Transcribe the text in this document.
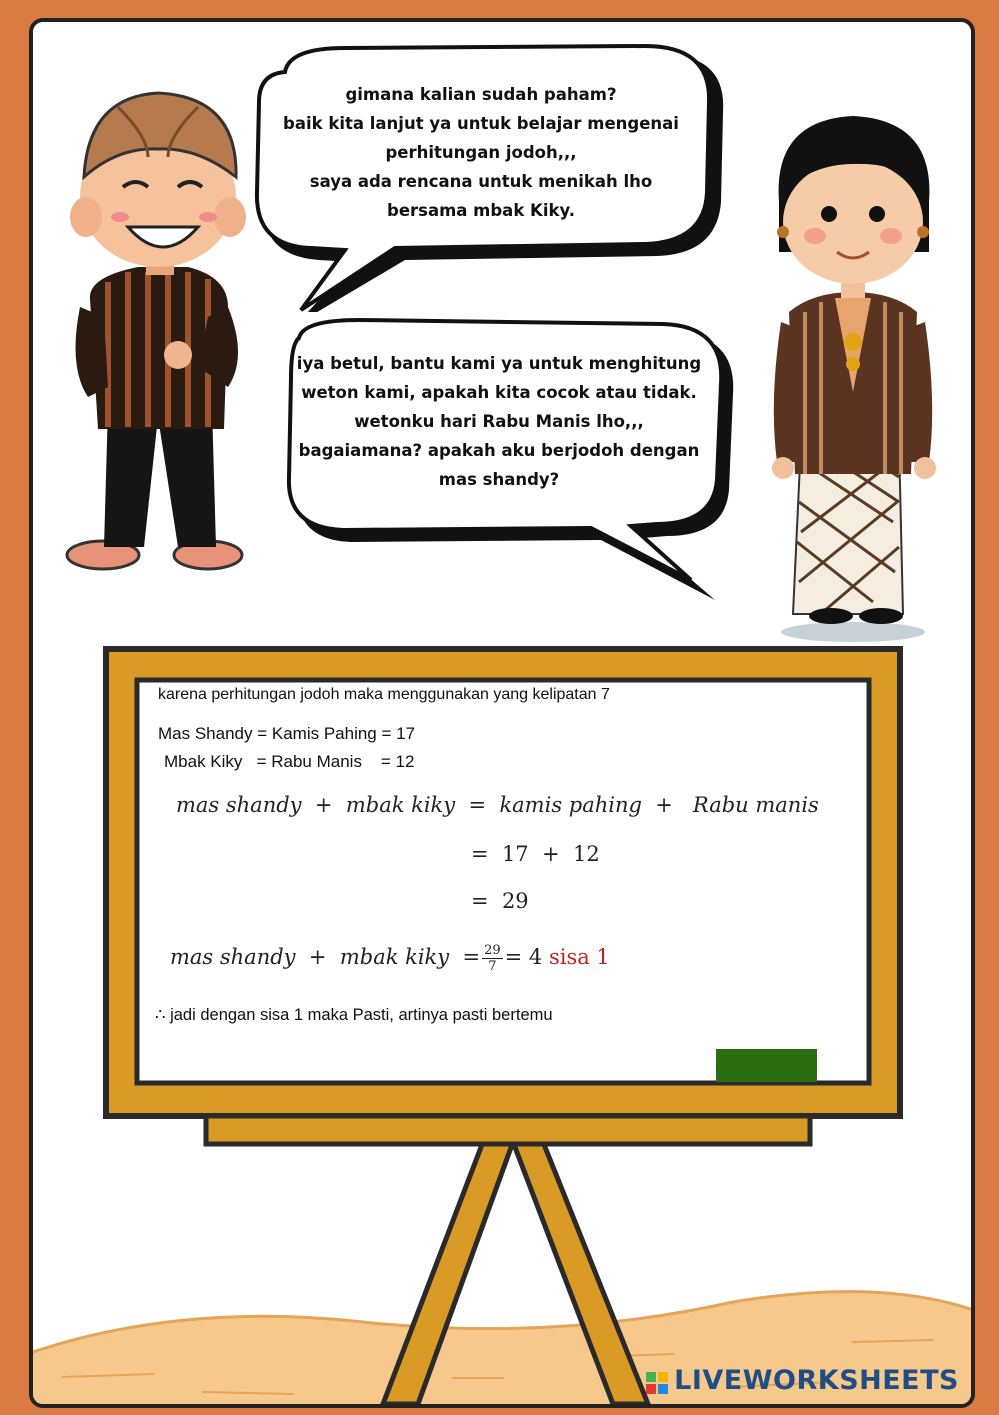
karena perhitungan jodoh maka menggunakan yang kelipatan 7
Mas Shandy = Kamis Pahing = 17
Mbak Kiky   = Rabu Manis    = 12
mas shandy  +  mbak kiky  =  kamis pahing  +   Rabu manis
=  17  +  12
=  29
mas shandy  +  mbak kiky  = $\frac{29}{7} = 4$ sisa 1
∴ jadi dengan sisa 1 maka Pasti, artinya pasti bertemu
gimana kalian sudah paham?
baik kita lanjut ya untuk belajar mengenai
perhitungan jodoh,,,
saya ada rencana untuk menikah lho
bersama mbak Kiky.
iya betul, bantu kami ya untuk menghitung
weton kami, apakah kita cocok atau tidak.
wetonku hari Rabu Manis lho,,,
bagaiamana? apakah aku berjodoh dengan
mas shandy?
LIVEWORKSHEETS
